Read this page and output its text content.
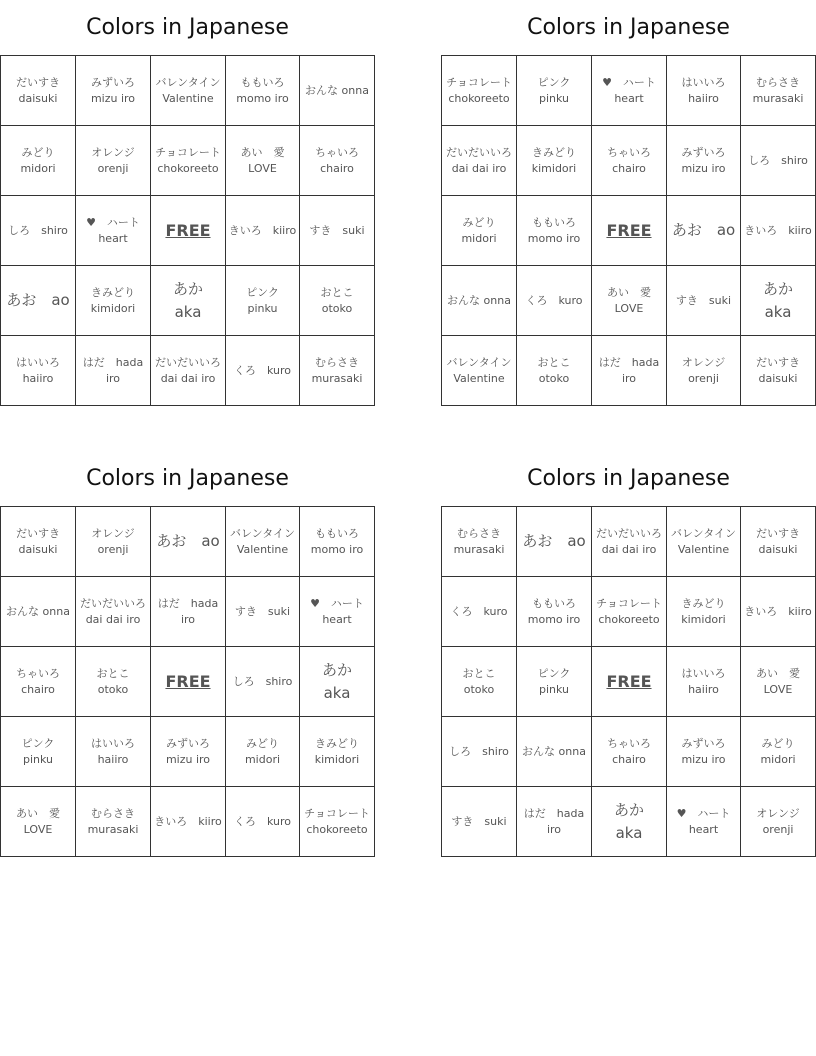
Colors in Japanese
だいすき
daisuki
みずいろ
mizu iro
バレンタイン
Valentine
ももいろ
momo iro
おんな onna
みどり
midori
オレンジ
orenji
チョコレート
chokoreeto
あい　愛
LOVE
ちゃいろ
chairo
しろ　shiro
♥　ハート
heart FREE きいろ　kiiro すき　suki
あお　ao きみどり
kimidori
あか
aka
ピンク
pinku
おとこ
otoko
はいいろ
haiiro
はだ　hada
iro
だいだいいろ
dai dai iro
くろ　kuro
むらさき
murasaki
Colors in Japanese
チョコレート
chokoreeto
ピンク
pinku
♥　ハート
heart
はいいろ
haiiro
むらさき
murasaki
だいだいいろ
dai dai iro
きみどり
kimidori
ちゃいろ
chairo
みずいろ
mizu iro
しろ　shiro
みどり
midori
ももいろ
momo iro FREE あお　ao きいろ　kiiro
おんな onna くろ　kuro
あい　愛
LOVE
すき　suki
あか
aka
バレンタイン
Valentine
おとこ
otoko
はだ　hada
iro
オレンジ
orenji
だいすき
daisuki
Colors in Japanese
だいすき
daisuki
オレンジ
orenji あお　ao バレンタイン
Valentine
ももいろ
momo iro
おんな onna
だいだいいろ
dai dai iro
はだ　hada
iro
すき　suki
♥　ハート
heart
ちゃいろ
chairo
おとこ
otoko FREE しろ　shiro
あか
aka
ピンク
pinku
はいいろ
haiiro
みずいろ
mizu iro
みどり
midori
きみどり
kimidori
あい　愛
LOVE
むらさき
murasaki
きいろ　kiiro くろ　kuro
チョコレート
chokoreeto
Colors in Japanese
むらさき
murasaki あお　ao だいだいいろ
dai dai iro
バレンタイン
Valentine
だいすき
daisuki
くろ　kuro
ももいろ
momo iro
チョコレート
chokoreeto
きみどり
kimidori
きいろ　kiiro
おとこ
otoko
ピンク
pinku FREE	はいいろ
haiiro
あい　愛
LOVE
しろ　shiro おんな onna
ちゃいろ
chairo
みずいろ
mizu iro
みどり
midori
すき　suki
はだ　hada
iro
あか
aka
♥　ハート
heart
オレンジ
orenji
